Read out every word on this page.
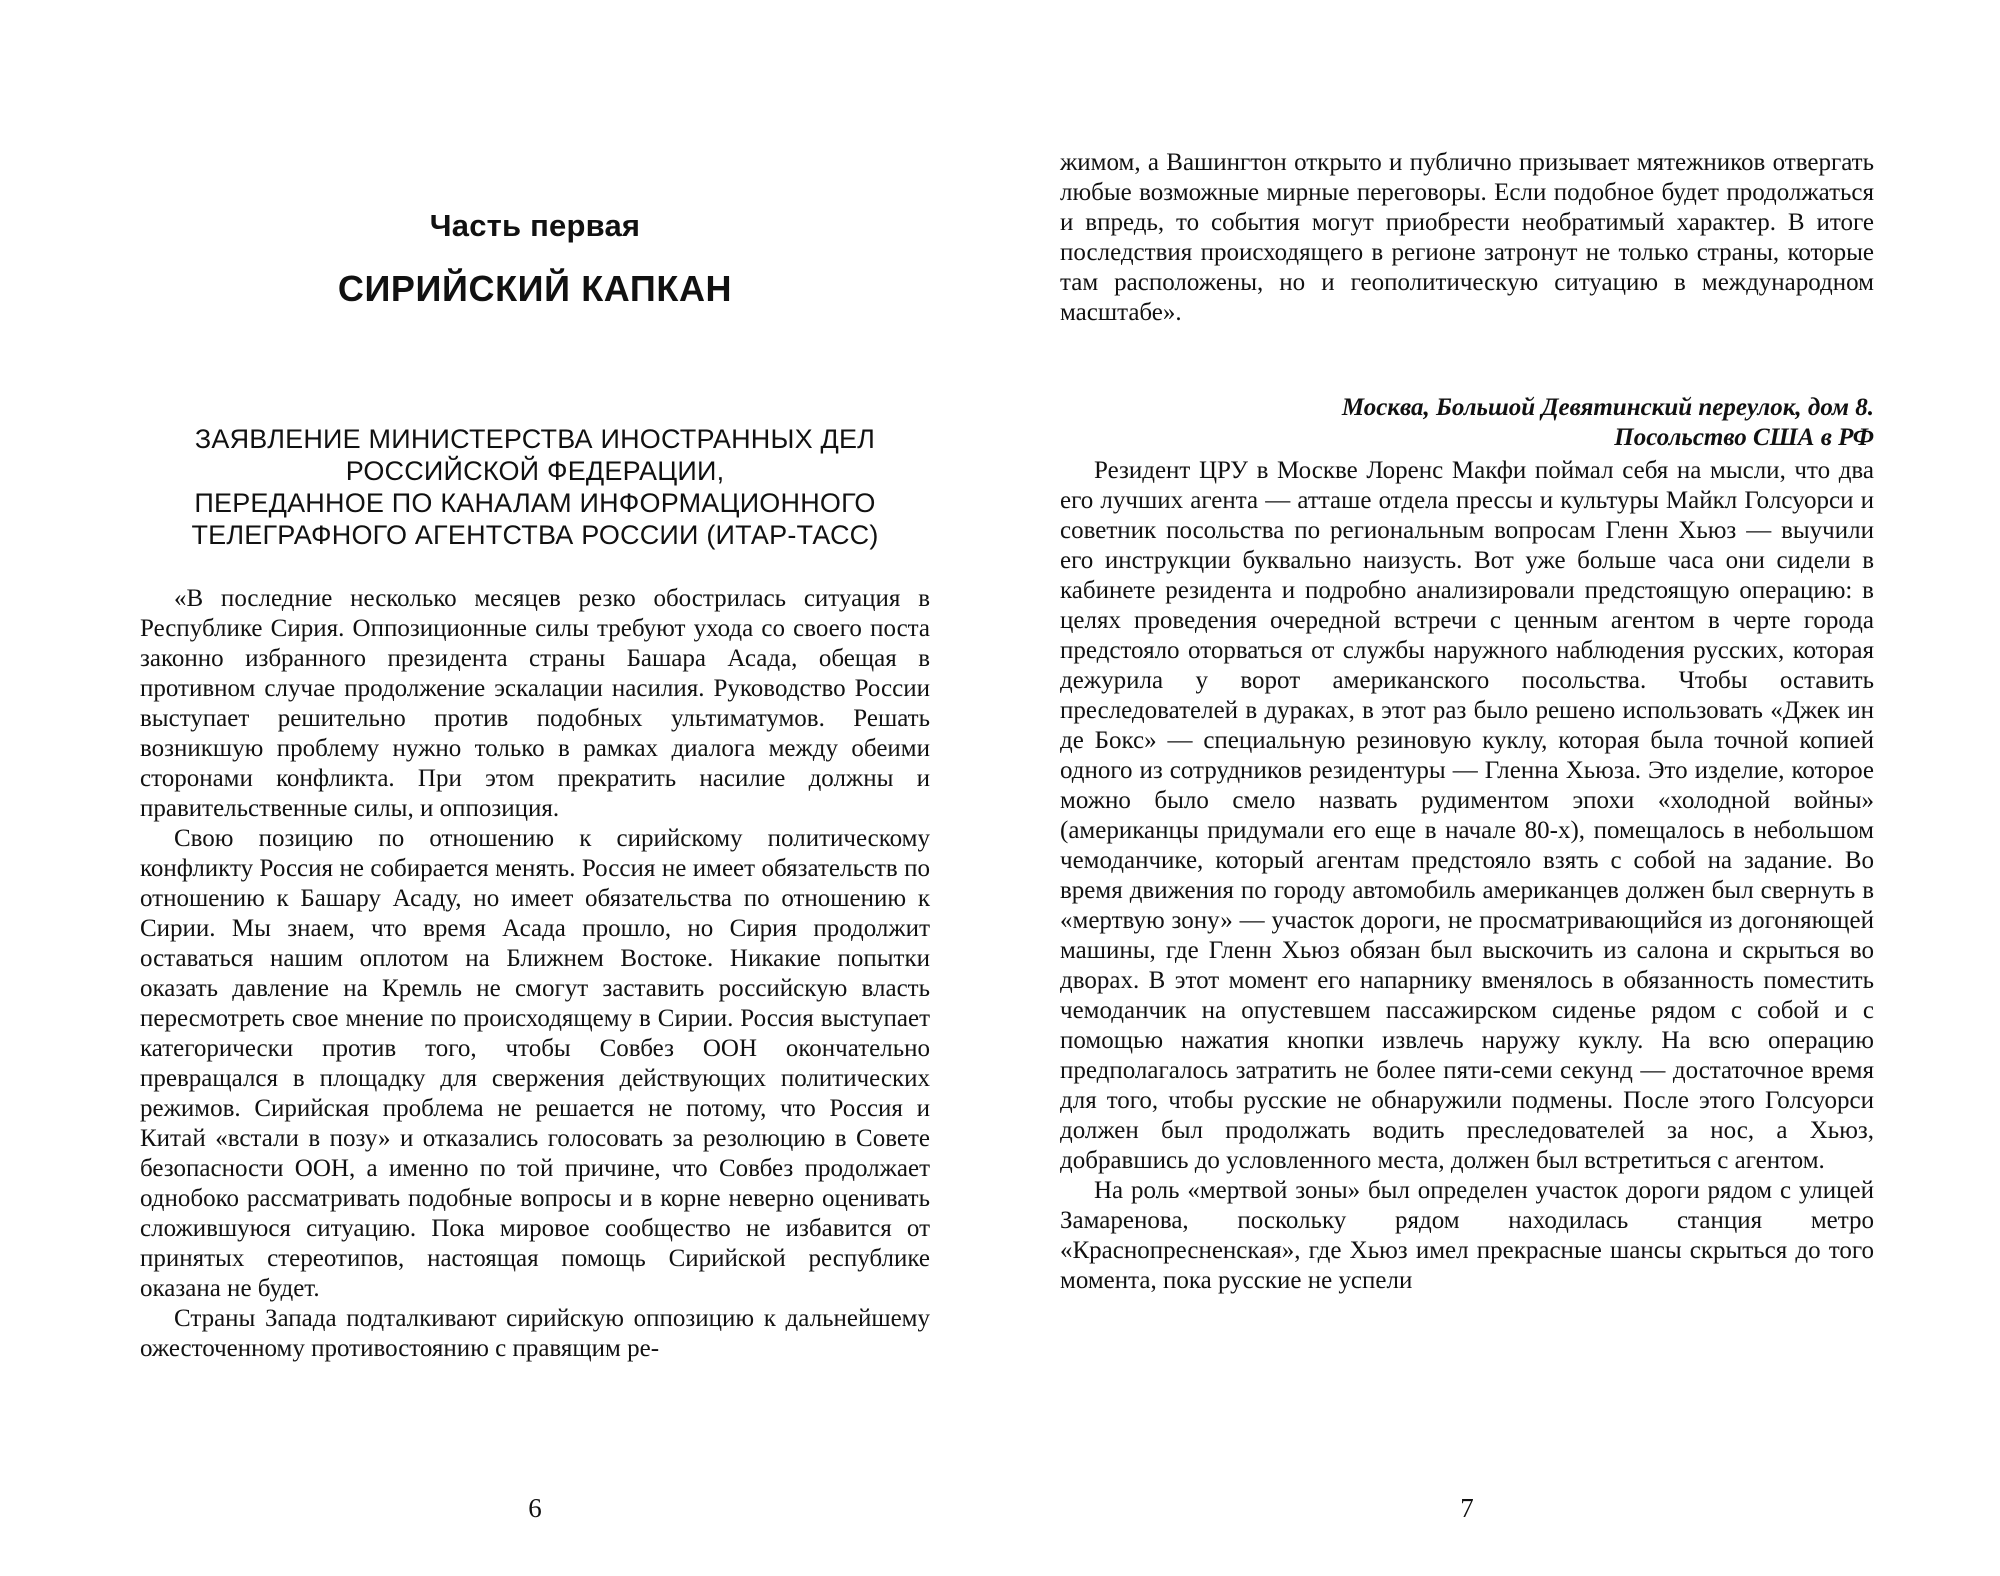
Часть первая
СИРИЙСКИЙ КАПКАН
ЗАЯВЛЕНИЕ МИНИСТЕРСТВА ИНОСТРАННЫХ ДЕЛ
РОССИЙСКОЙ ФЕДЕРАЦИИ,
ПЕРЕДАННОЕ ПО КАНАЛАМ ИНФОРМАЦИОННОГО
ТЕЛЕГРАФНОГО АГЕНТСТВА РОССИИ (ИТАР-ТАСС)

«В последние несколько месяцев резко обострилась ситуация в Республике Сирия. Оппозиционные силы требуют ухода со своего поста законно избранного президента страны Башара Асада, обещая в противном случае продолжение эскалации насилия. Руководство России выступает решительно против подобных ультиматумов. Решать возникшую проблему нужно только в рамках диалога между обеими сторонами конфликта. При этом прекратить насилие должны и правительственные силы, и оппозиция.

Свою позицию по отношению к сирийскому политическому конфликту Россия не собирается менять. Россия не имеет обязательств по отношению к Башару Асаду, но имеет обязательства по отношению к Сирии. Мы знаем, что время Асада прошло, но Сирия продолжит оставаться нашим оплотом на Ближнем Востоке. Никакие попытки оказать давление на Кремль не смогут заставить российскую власть пересмотреть свое мнение по происходящему в Сирии. Россия выступает категорически против того, чтобы Совбез ООН окончательно превращался в площадку для свержения действующих политических режимов. Сирийская проблема не решается не потому, что Россия и Китай «встали в позу» и отказались голосовать за резолюцию в Совете безопасности ООН, а именно по той причине, что Совбез продолжает однобоко рассматривать подобные вопросы и в корне неверно оценивать сложившуюся ситуацию. Пока мировое сообщество не избавится от принятых стереотипов, настоящая помощь Сирийской республике оказана не будет.

Страны Запада подталкивают сирийскую оппозицию к дальнейшему ожесточенному противостоянию с правящим ре-

6

жимом, а Вашингтон открыто и публично призывает мятежников отвергать любые возможные мирные переговоры. Если подобное будет продолжаться и впредь, то события могут приобрести необратимый характер. В итоге последствия происходящего в регионе затронут не только страны, которые там расположены, но и геополитическую ситуацию в международном масштабе».

Москва, Большой Девятинский переулок, дом 8.
Посольство США в РФ

Резидент ЦРУ в Москве Лоренс Макфи поймал себя на мысли, что два его лучших агента — атташе отдела прессы и культуры Майкл Голсуорси и советник посольства по региональным вопросам Гленн Хьюз — выучили его инструкции буквально наизусть. Вот уже больше часа они сидели в кабинете резидента и подробно анализировали предстоящую операцию: в целях проведения очередной встречи с ценным агентом в черте города предстояло оторваться от службы наружного наблюдения русских, которая дежурила у ворот американского посольства. Чтобы оставить преследователей в дураках, в этот раз было решено использовать «Джек ин де Бокс» — специальную резиновую куклу, которая была точной копией одного из сотрудников резидентуры — Гленна Хьюза. Это изделие, которое можно было смело назвать рудиментом эпохи «холодной войны» (американцы придумали его еще в начале 80-х), помещалось в небольшом чемоданчике, который агентам предстояло взять с собой на задание. Во время движения по городу автомобиль американцев должен был свернуть в «мертвую зону» — участок дороги, не просматривающийся из догоняющей машины, где Гленн Хьюз обязан был выскочить из салона и скрыться во дворах. В этот момент его напарнику вменялось в обязанность поместить чемоданчик на опустевшем пассажирском сиденье рядом с собой и с помощью нажатия кнопки извлечь наружу куклу. На всю операцию предполагалось затратить не более пяти-семи секунд — достаточное время для того, чтобы русские не обнаружили подмены. После этого Голсуорси должен был продолжать водить преследователей за нос, а Хьюз, добравшись до условленного места, должен был встретиться с агентом.

На роль «мертвой зоны» был определен участок дороги рядом с улицей Замаренова, поскольку рядом находилась станция метро «Краснопресненская», где Хьюз имел прекрасные шансы скрыться до того момента, пока русские не успели

7
